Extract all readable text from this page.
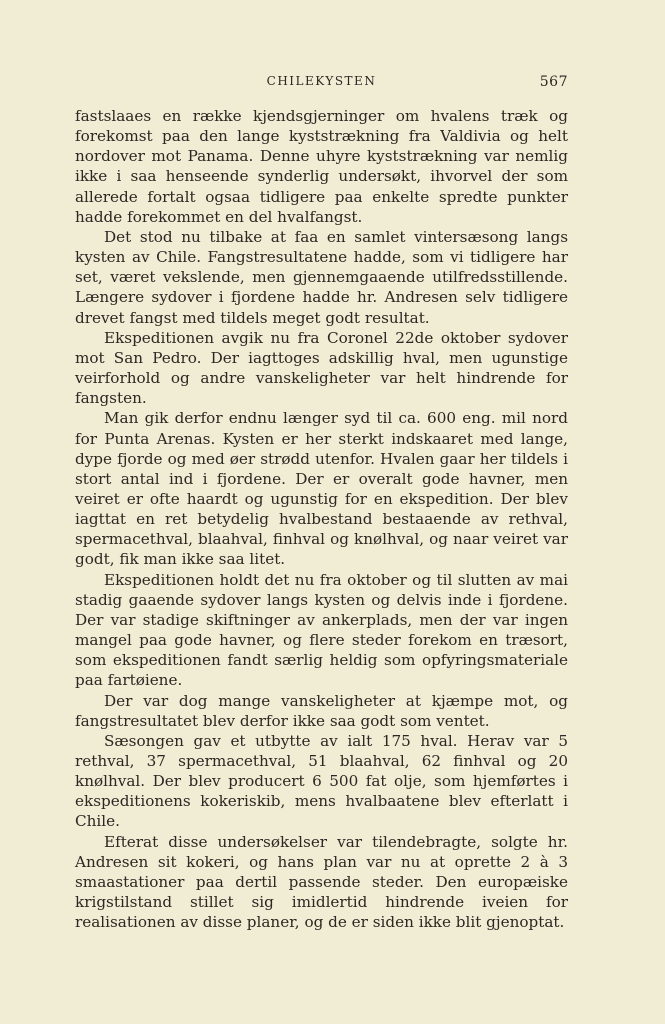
CHILEKYSTEN	567

fastslaaes en række kjendsgjerninger om hvalens træk og forekomst paa den lange kyststrækning fra Valdivia og helt nordover mot Panama. Denne uhyre kyststrækning var nemlig ikke i saa henseende synderlig undersøkt, ihvorvel der som allerede fortalt ogsaa tidligere paa enkelte spredte punkter hadde forekommet en del hvalfangst.

Det stod nu tilbake at faa en samlet vintersæsong langs kysten av Chile. Fangstresultatene hadde, som vi tidligere har set, været vekslende, men gjennemgaaende utilfredsstillende. Længere sydover i fjordene hadde hr. Andresen selv tidligere drevet fangst med tildels meget godt resultat.

Ekspeditionen avgik nu fra Coronel 22de oktober sydover mot San Pedro. Der iagttoges adskillig hval, men ugunstige veirforhold og andre vanskeligheter var helt hindrende for fangsten.

Man gik derfor endnu længer syd til ca. 600 eng. mil nord for Punta Arenas. Kysten er her sterkt indskaaret med lange, dype fjorde og med øer strødd utenfor. Hvalen gaar her tildels i stort antal ind i fjordene. Der er overalt gode havner, men veiret er ofte haardt og ugunstig for en ekspedition. Der blev iagttat en ret betydelig hvalbestand bestaaende av rethval, spermacethval, blaahval, finhval og knølhval, og naar veiret var godt, fik man ikke saa litet.

Ekspeditionen holdt det nu fra oktober og til slutten av mai stadig gaaende sydover langs kysten og delvis inde i fjordene. Der var stadige skiftninger av ankerplads, men der var ingen mangel paa gode havner, og flere steder forekom en træsort, som ekspeditionen fandt særlig heldig som opfyringsmateriale paa fartøiene.

Der var dog mange vanskeligheter at kjæmpe mot, og fangstresultatet blev derfor ikke saa godt som ventet.

Sæsongen gav et utbytte av ialt 175 hval. Herav var 5 rethval, 37 spermacethval, 51 blaahval, 62 finhval og 20 knølhval. Der blev producert 6 500 fat olje, som hjemførtes i ekspeditionens kokeriskib, mens hvalbaatene blev efterlatt i Chile.

Efterat disse undersøkelser var tilendebragte, solgte hr. Andresen sit kokeri, og hans plan var nu at oprette 2 à 3 smaastationer paa dertil passende steder. Den europæiske krigstilstand stillet sig imidlertid hindrende iveien for realisationen av disse planer, og de er siden ikke blit gjenoptat.
